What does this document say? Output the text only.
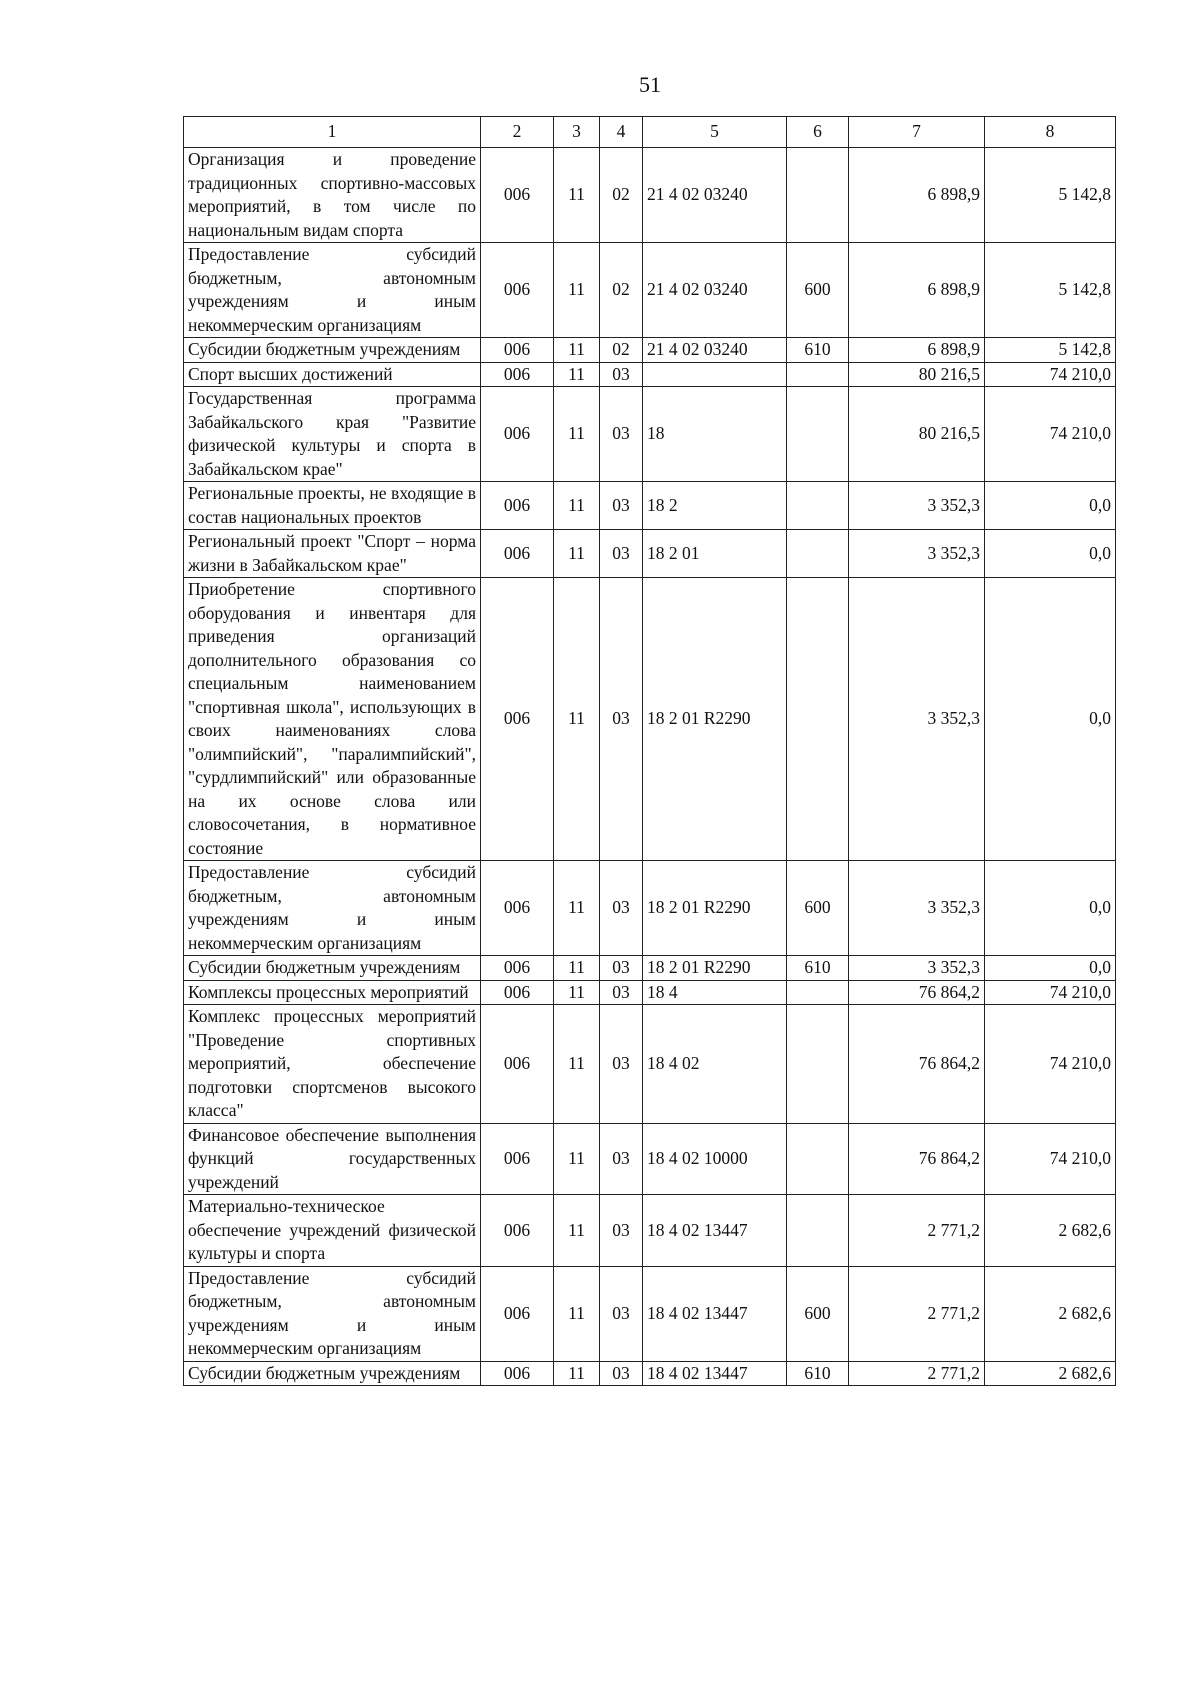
51
1	2	3	4	5	6	7	8
Организация и проведение традиционных спортивно-массовых мероприятий, в том числе по национальным видам спорта	006	11	02	21 4 02 03240		6 898,9	5 142,8
Предоставление субсидий бюджетным, автономным учреждениям и иным некоммерческим организациям	006	11	02	21 4 02 03240	600	6 898,9	5 142,8
Субсидии бюджетным учреждениям	006	11	02	21 4 02 03240	610	6 898,9	5 142,8
Спорт высших достижений	006	11	03			80 216,5	74 210,0
Государственная программа Забайкальского края "Развитие физической культуры и спорта в Забайкальском крае"	006	11	03	18		80 216,5	74 210,0
Региональные проекты, не входящие в состав национальных проектов	006	11	03	18 2		3 352,3	0,0
Региональный проект "Спорт – норма жизни в Забайкальском крае"	006	11	03	18 2 01		3 352,3	0,0
Приобретение спортивного оборудования и инвентаря для приведения организаций дополнительного образования со специальным наименованием "спортивная школа", использующих в своих наименованиях слова "олимпийский", "паралимпийский", "сурдлимпийский" или образованные на их основе слова или словосочетания, в нормативное состояние	006	11	03	18 2 01 R2290		3 352,3	0,0
Предоставление субсидий бюджетным, автономным учреждениям и иным некоммерческим организациям	006	11	03	18 2 01 R2290	600	3 352,3	0,0
Субсидии бюджетным учреждениям	006	11	03	18 2 01 R2290	610	3 352,3	0,0
Комплексы процессных мероприятий	006	11	03	18 4		76 864,2	74 210,0
Комплекс процессных мероприятий "Проведение спортивных мероприятий, обеспечение подготовки спортсменов высокого класса"	006	11	03	18 4 02		76 864,2	74 210,0
Финансовое обеспечение выполнения функций государственных учреждений	006	11	03	18 4 02 10000		76 864,2	74 210,0
Материально-техническое обеспечение учреждений физической культуры и спорта	006	11	03	18 4 02 13447		2 771,2	2 682,6
Предоставление субсидий бюджетным, автономным учреждениям и иным некоммерческим организациям	006	11	03	18 4 02 13447	600	2 771,2	2 682,6
Субсидии бюджетным учреждениям	006	11	03	18 4 02 13447	610	2 771,2	2 682,6
